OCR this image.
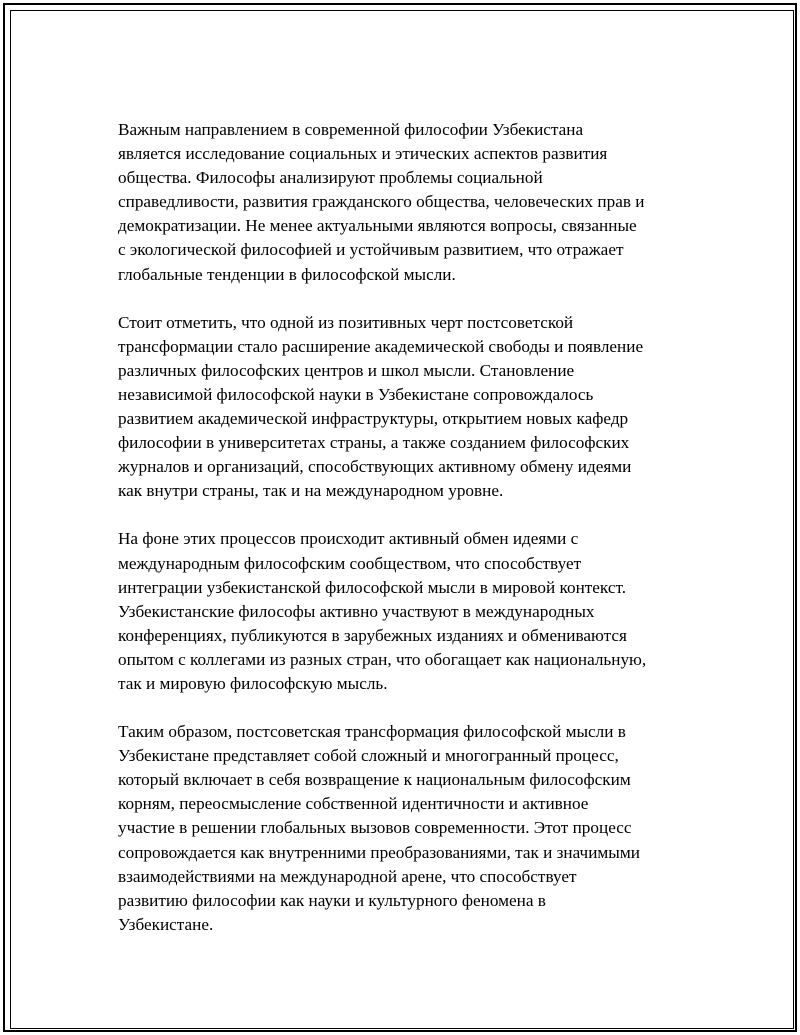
Важным направлением в современной философии Узбекистана
является исследование социальных и этических аспектов развития
общества. Философы анализируют проблемы социальной
справедливости, развития гражданского общества, человеческих прав и
демократизации. Не менее актуальными являются вопросы, связанные
с экологической философией и устойчивым развитием, что отражает
глобальные тенденции в философской мысли.

Стоит отметить, что одной из позитивных черт постсоветской
трансформации стало расширение академической свободы и появление
различных философских центров и школ мысли. Становление
независимой философской науки в Узбекистане сопровождалось
развитием академической инфраструктуры, открытием новых кафедр
философии в университетах страны, а также созданием философских
журналов и организаций, способствующих активному обмену идеями
как внутри страны, так и на международном уровне.

На фоне этих процессов происходит активный обмен идеями с
международным философским сообществом, что способствует
интеграции узбекистанской философской мысли в мировой контекст.
Узбекистанские философы активно участвуют в международных
конференциях, публикуются в зарубежных изданиях и обмениваются
опытом с коллегами из разных стран, что обогащает как национальную,
так и мировую философскую мысль.

Таким образом, постсоветская трансформация философской мысли в
Узбекистане представляет собой сложный и многогранный процесс,
который включает в себя возвращение к национальным философским
корням, переосмысление собственной идентичности и активное
участие в решении глобальных вызовов современности. Этот процесс
сопровождается как внутренними преобразованиями, так и значимыми
взаимодействиями на международной арене, что способствует
развитию философии как науки и культурного феномена в
Узбекистане.
